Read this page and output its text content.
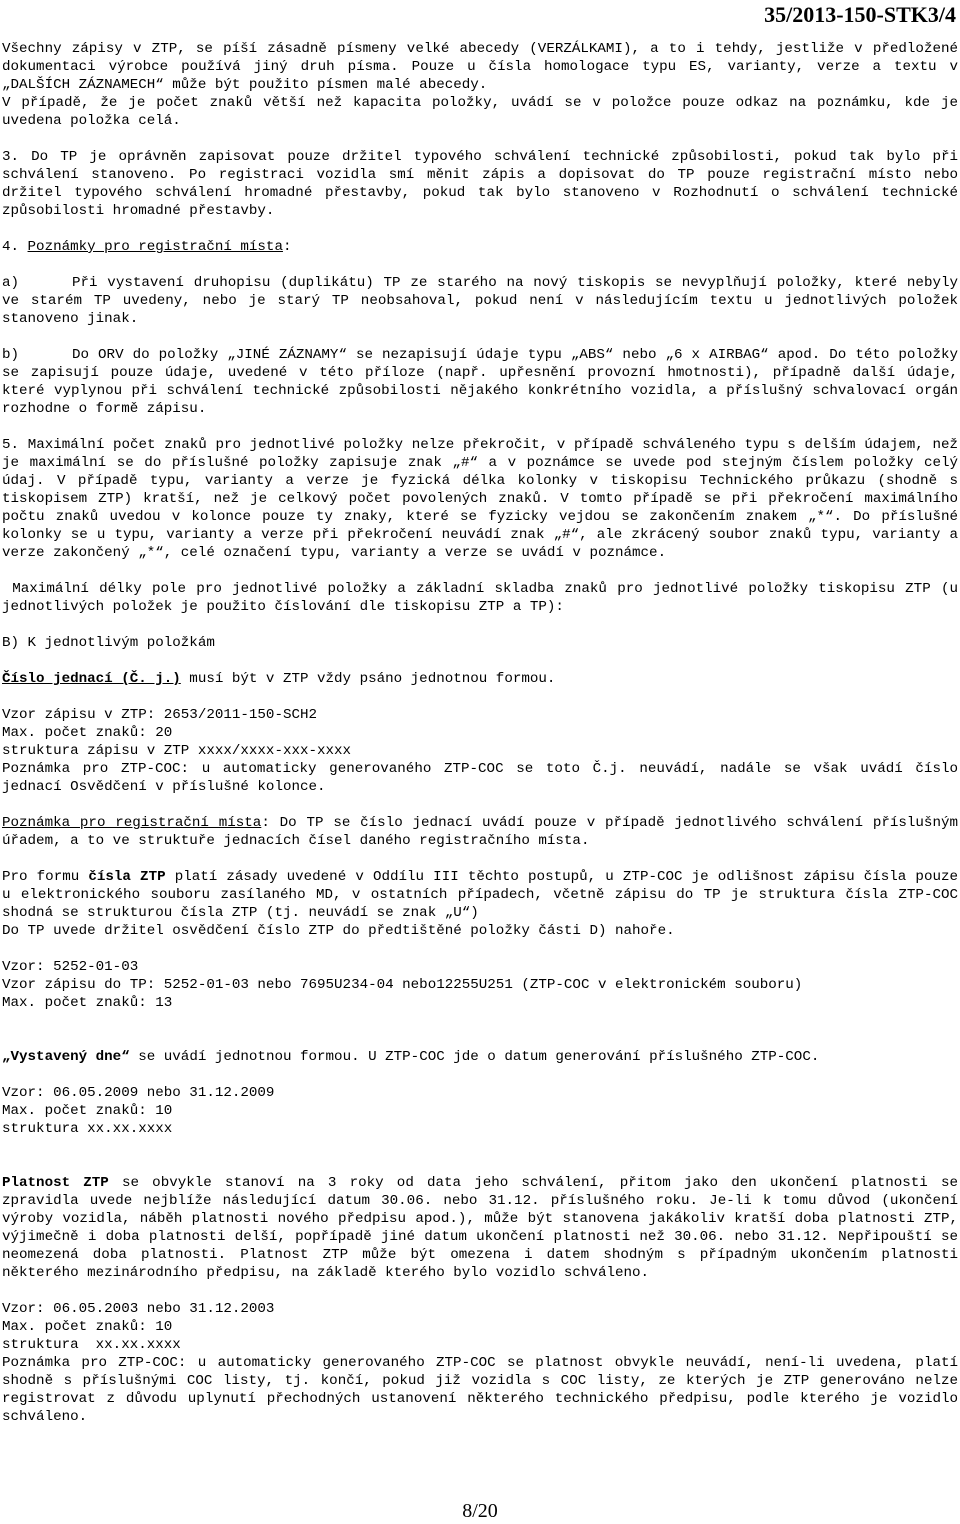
35/2013-150-STK3/4

Všechny zápisy v ZTP, se píší zásadně písmeny velké abecedy (VERZÁLKAMI), a to i tehdy, jestliže v předložené dokumentaci výrobce používá jiný druh písma. Pouze u čísla homologace typu ES, varianty, verze a textu v „DALŠÍCH ZÁZNAMECH“ může být použito písmen malé abecedy.

V případě, že je počet znaků větší než kapacita položky, uvádí se v položce pouze odkaz na poznámku, kde je uvedena položka celá.

3. Do TP je oprávněn zapisovat pouze držitel typového schválení technické způsobilosti, pokud tak bylo při schválení stanoveno. Po registraci vozidla smí měnit zápis a dopisovat do TP pouze registrační místo nebo držitel typového schválení hromadné přestavby, pokud tak bylo stanoveno v Rozhodnutí o schválení technické způsobilosti hromadné přestavby.

4. Poznámky pro registrační místa:

a)	Při vystavení druhopisu (duplikátu) TP ze starého na nový tiskopis se nevyplňují položky, které nebyly ve starém TP uvedeny, nebo je starý TP neobsahoval, pokud není v následujícím textu u jednotlivých položek stanoveno jinak.

b)	Do ORV do položky „JINÉ ZÁZNAMY“ se nezapisují údaje typu „ABS“ nebo „6 x AIRBAG“ apod. Do této položky se zapisují pouze údaje, uvedené v této příloze (např. upřesnění provozní hmotnosti), případně další údaje, které vyplynou při schválení technické způsobilosti nějakého konkrétního vozidla, a příslušný schvalovací orgán rozhodne o formě zápisu.

5. Maximální počet znaků pro jednotlivé položky nelze překročit, v případě schváleného typu s delším údajem, než je maximální se do příslušné položky zapisuje znak „#“ a v poznámce se uvede pod stejným číslem položky celý údaj. V případě typu, varianty a verze je fyzická délka kolonky v tiskopisu Technického průkazu (shodně s tiskopisem ZTP) kratší, než je celkový počet povolených znaků. V tomto případě se při překročení maximálního počtu znaků uvedou v kolonce pouze ty znaky, které se fyzicky vejdou se zakončením znakem „*“. Do příslušné kolonky se u typu, varianty a verze při překročení neuvádí znak „#“, ale zkrácený soubor znaků typu, varianty a verze zakončený „*“, celé označení typu, varianty a verze se uvádí v poznámce.

Maximální délky pole pro jednotlivé položky a základní skladba znaků pro jednotlivé položky tiskopisu ZTP (u jednotlivých položek je použito číslování dle tiskopisu ZTP a TP):

B) K jednotlivým položkám

Číslo jednací (Č. j.) musí být v ZTP vždy psáno jednotnou formou.

Vzor zápisu v ZTP: 2653/2011-150-SCH2

Max. počet znaků: 20

struktura zápisu v ZTP xxxx/xxxx-xxx-xxxx

Poznámka pro ZTP-COC: u automaticky generovaného ZTP-COC se toto Č.j. neuvádí, nadále se však uvádí číslo jednací Osvědčení v příslušné kolonce.

Poznámka pro registrační místa: Do TP se číslo jednací uvádí pouze v případě jednotlivého schválení příslušným úřadem, a to ve struktuře jednacích čísel daného registračního místa.

Pro formu čísla ZTP platí zásady uvedené v Oddílu III těchto postupů, u ZTP-COC je odlišnost zápisu čísla pouze u elektronického souboru zasílaného MD, v ostatních případech, včetně zápisu do TP je struktura čísla ZTP-COC shodná se strukturou čísla ZTP (tj. neuvádí se znak „U“)

Do TP uvede držitel osvědčení číslo ZTP do předtištěné položky části D) nahoře.

Vzor: 5252-01-03

Vzor zápisu do TP: 5252-01-03 nebo 7695U234-04 nebo12255U251 (ZTP-COC v elektronickém souboru)

Max. počet znaků: 13

„Vystavený dne“ se uvádí jednotnou formou. U ZTP-COC jde o datum generování příslušného ZTP-COC.

Vzor: 06.05.2009 nebo 31.12.2009

Max. počet znaků: 10

struktura xx.xx.xxxx

Platnost ZTP se obvykle stanoví na 3 roky od data jeho schválení, přitom jako den ukončení platnosti se zpravidla uvede nejblíže následující datum 30.06. nebo 31.12. příslušného roku. Je-li k tomu důvod (ukončení výroby vozidla, náběh platnosti nového předpisu apod.), může být stanovena jakákoliv kratší doba platnosti ZTP, výjimečně i doba platnosti delší, popřípadě jiné datum ukončení platnosti než 30.06. nebo 31.12. Nepřipouští se neomezená doba platnosti. Platnost ZTP může být omezena i datem shodným s případným ukončením platnosti některého mezinárodního předpisu, na základě kterého bylo vozidlo schváleno.

Vzor: 06.05.2003 nebo 31.12.2003

Max. počet znaků: 10

struktura  xx.xx.xxxx

Poznámka pro ZTP-COC: u automaticky generovaného ZTP-COC se platnost obvykle neuvádí, není-li uvedena, platí shodně s příslušnými COC listy, tj. končí, pokud již vozidla s COC listy, ze kterých je ZTP generováno nelze registrovat z důvodu uplynutí přechodných ustanovení některého technického předpisu, podle kterého je vozidlo schváleno.

8/20
